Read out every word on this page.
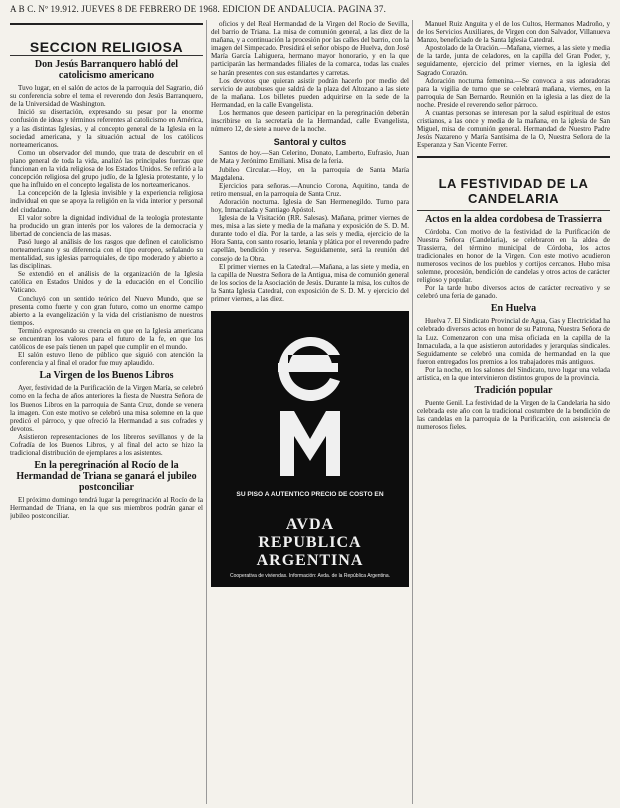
A B C. Nº 19.912. JUEVES 8 DE FEBRERO DE 1968. EDICION DE ANDALUCIA. PAGINA 37.
SECCION RELIGIOSA
Don Jesús Barranquero habló del catolicismo americano

Tuvo lugar, en el salón de actos de la parroquia del Sagrario, dió su conferencia sobre el tema el reverendo don Jesús Barranquero, de la Universidad de Washington.

Inició su disertación, expresando su pesar por la enorme confusión de ideas y términos referentes al catolicismo en América, y a las distintas Iglesias, y al concepto general de la Iglesia en la sociedad americana, y la situación actual de los católicos norteamericanos.

Como un observador del mundo, que trata de descubrir en el plano general de toda la vida, analizó las principales fuerzas que funcionan en la vida religiosa de los Estados Unidos. Se refirió a la concepción religiosa del grupo judío, de la Iglesia protestante, y lo que ha influido en el concepto legalista de los norteamericanos.

La concepción de la Iglesia invisible y la experiencia religiosa individual en que se apoya la religión en la vida interior y personal del ciudadano.

El valor sobre la dignidad individual de la teología protestante ha producido un gran interés por los valores de la democracia y libertad de conciencia de las masas.

Pasó luego al análisis de los rasgos que definen el catolicismo norteamericano y su diferencia con el tipo europeo, señalando su mentalidad, sus iglesias parroquiales, de tipo moderado y abierto a las disciplinas.

Se extendió en el análisis de la organización de la Iglesia católica en Estados Unidos y de la educación en el Concilio Vaticano.

Concluyó con un sentido teórico del Nuevo Mundo, que se presenta como fuerte y con gran futuro, como un enorme campo abierto a la evangelización y la vida del cristianismo de nuestros tiempos.

Terminó expresando su creencia en que en la Iglesia americana se encuentran los valores para el futuro de la fe, en que los católicos de ese país tienen un papel que cumplir en el mundo.

El salón estuvo lleno de público que siguió con atención la conferencia y al final el orador fue muy aplaudido.

La Virgen de los Buenos Libros

Ayer, festividad de la Purificación de la Virgen María, se celebró como en la fecha de años anteriores la fiesta de Nuestra Señora de los Buenos Libros en la parroquia de Santa Cruz, donde se venera la imagen. Con este motivo se celebró una misa solemne en la que predicó el párroco, y que ofreció la Hermandad a sus cofrades y devotos.

Asistieron representaciones de los libreros sevillanos y de la Cofradía de los Buenos Libros, y al final del acto se hizo la tradicional distribución de ejemplares a los asistentes.

En la peregrinación al Rocío de la Hermandad de Triana se ganará el jubileo postconciliar

El próximo domingo tendrá lugar la peregrinación al Rocío de la Hermandad de Triana, en la que sus miembros podrán ganar el jubileo postconciliar.

oficios y del Real Hermandad de la Virgen del Rocío de Sevilla, del barrio de Triana. La misa de comunión general, a las diez de la mañana, y a continuación la procesión por las calles del barrio, con la imagen del Simpecado. Presidirá el señor obispo de Huelva, don José María García Lahiguera, hermano mayor honorario, y en la que participarán las hermandades filiales de la comarca, todas las cuales se harán presentes con sus estandartes y carretas.

Los devotos que quieran asistir podrán hacerlo por medio del servicio de autobuses que saldrá de la plaza del Altozano a las siete de la mañana. Los billetes pueden adquirirse en la sede de la Hermandad, en la calle Evangelista.

Los hermanos que deseen participar en la peregrinación deberán inscribirse en la secretaría de la Hermandad, calle Evangelista, número 12, de siete a nueve de la noche.

Santoral y cultos

Santos de hoy.—San Celerino, Donato, Lamberto, Eufrasio, Juan de Mata y Jerónimo Emiliani. Misa de la feria.

Jubileo Circular.—Hoy, en la parroquia de Santa María Magdalena.

Ejercicios para señoras.—Anuncio Corona, Aquitino, tanda de retiro mensual, en la parroquia de Santa Cruz.

Adoración nocturna. Iglesia de San Hermenegildo. Turno para hoy, Inmaculada y Santiago Apóstol.

Iglesia de la Visitación (RR. Salesas). Mañana, primer viernes de mes, misa a las siete y media de la mañana y exposición de S. D. M. durante todo el día. Por la tarde, a las seis y media, ejercicio de la Hora Santa, con santo rosario, letanía y plática por el reverendo padre capellán, bendición y reserva. Seguidamente, será la reunión del consejo de la Obra.

El primer viernes en la Catedral.—Mañana, a las siete y media, en la capilla de Nuestra Señora de la Antigua, misa de comunión general de los socios de la Asociación de Jesús. Durante la misa, los cultos de la Santa Iglesia Catedral, con exposición de S. D. M. y ejercicio del primer viernes, a las diez.

SU PISO A AUTENTICO PRECIO DE COSTO EN
AVDA
REPUBLICA
ARGENTINA
Cooperativa de viviendas. Información: Avda. de la República Argentina.

Manuel Ruiz Anguita y el de los Cultos, Hermanos Madroño, y de los Servicios Auxiliares, de Virgen con don Salvador, Villanueva Manzo, beneficiado de la Santa Iglesia Catedral.

Apostolado de la Oración.—Mañana, viernes, a las siete y media de la tarde, junta de celadores, en la capilla del Gran Poder, y, seguidamente, ejercicio del primer viernes, en la iglesia del Sagrado Corazón.

Adoración nocturna femenina.—Se convoca a sus adoradoras para la vigilia de turno que se celebrará mañana, viernes, en la parroquia de San Bernardo. Reunión en la iglesia a las diez de la noche. Preside el reverendo señor párroco.

A cuantas personas se interesan por la salud espiritual de estos cristianos, a las once y media de la mañana, en la iglesia de San Miguel, misa de comunión general. Hermandad de Nuestro Padre Jesús Nazareno y María Santísima de la O, Nuestra Señora de la Esperanza y San Vicente Ferrer.

LA FESTIVIDAD DE LA CANDELARIA
Actos en la aldea cordobesa de Trassierra

Córdoba. Con motivo de la festividad de la Purificación de Nuestra Señora (Candelaria), se celebraron en la aldea de Trassierra, del término municipal de Córdoba, los actos tradicionales en honor de la Virgen. Con este motivo acudieron numerosos vecinos de los pueblos y cortijos cercanos. Hubo misa solemne, procesión, bendición de candelas y otros actos de carácter religioso y popular.

Por la tarde hubo diversos actos de carácter recreativo y se celebró una feria de ganado.

En Huelva

Huelva 7. El Sindicato Provincial de Agua, Gas y Electricidad ha celebrado diversos actos en honor de su Patrona, Nuestra Señora de la Luz. Comenzaron con una misa oficiada en la capilla de la Inmaculada, a la que asistieron autoridades y jerarquías sindicales. Seguidamente se celebró una comida de hermandad en la que fueron entregados los premios a los trabajadores más antiguos.

Por la noche, en los salones del Sindicato, tuvo lugar una velada artística, en la que intervinieron distintos grupos de la provincia.

Tradición popular

Puente Genil. La festividad de la Virgen de la Candelaria ha sido celebrada este año con la tradicional costumbre de la bendición de las candelas en la parroquia de la Purificación, con asistencia de numerosos fieles.
